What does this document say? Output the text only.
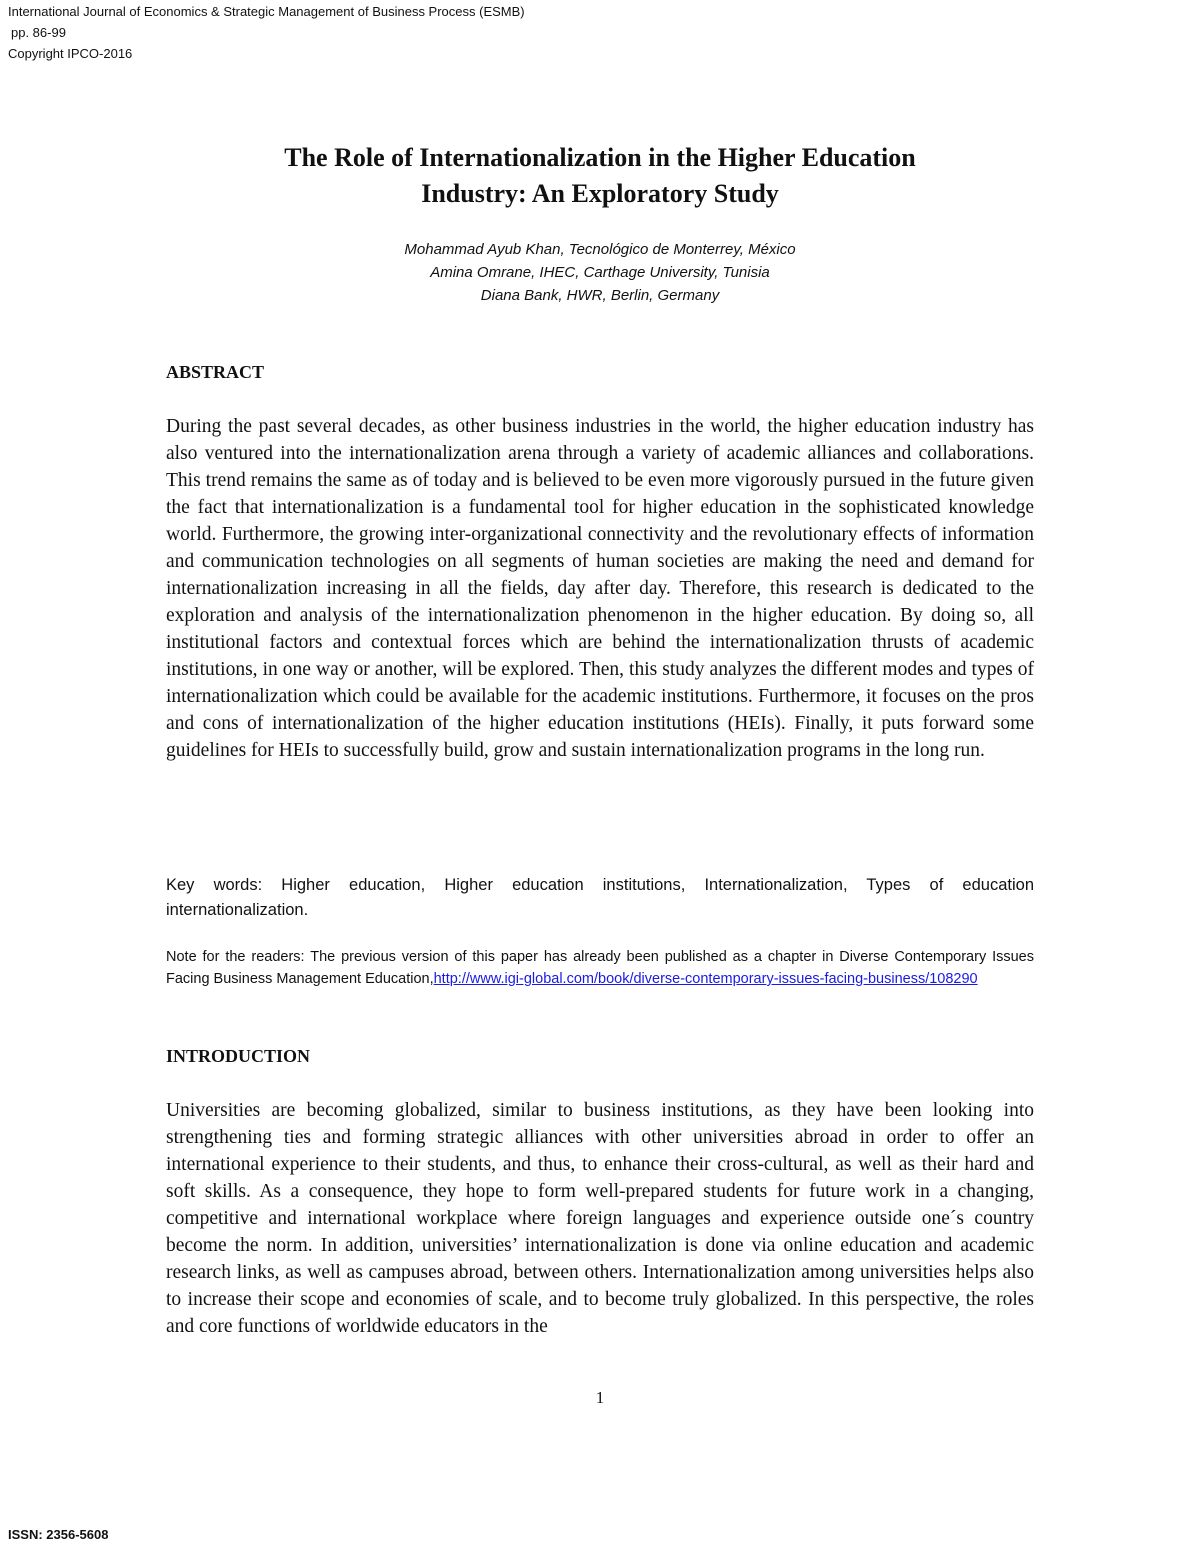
International Journal of Economics & Strategic Management of Business Process (ESMB)
pp. 86-99
Copyright IPCO-2016
The Role of Internationalization in the Higher Education
Industry: An Exploratory Study
Mohammad Ayub Khan, Tecnológico de Monterrey, México
Amina Omrane, IHEC, Carthage University, Tunisia
Diana Bank, HWR, Berlin, Germany
ABSTRACT

During the past several decades, as other business industries in the world, the higher education industry has also ventured into the internationalization arena through a variety of academic alliances and collaborations. This trend remains the same as of today and is believed to be even more vigorously pursued in the future given the fact that internationalization is a fundamental tool for higher education in the sophisticated knowledge world. Furthermore, the growing inter-organizational connectivity and the revolutionary effects of information and communication technologies on all segments of human societies are making the need and demand for internationalization increasing in all the fields, day after day. Therefore, this research is dedicated to the exploration and analysis of the internationalization phenomenon in the higher education. By doing so, all institutional factors and contextual forces which are behind the internationalization thrusts of academic institutions, in one way or another, will be explored. Then, this study analyzes the different modes and types of internationalization which could be available for the academic institutions. Furthermore, it focuses on the pros and cons of internationalization of the higher education institutions (HEIs). Finally, it puts forward some guidelines for HEIs to successfully build, grow and sustain internationalization programs in the long run.

Key words: Higher education, Higher education institutions, Internationalization, Types of education internationalization.

Note for the readers: The previous version of this paper has already been published as a chapter in Diverse Contemporary Issues Facing Business Management Education,http://www.igi-global.com/book/diverse-contemporary-issues-facing-business/108290

INTRODUCTION

Universities are becoming globalized, similar to business institutions, as they have been looking into strengthening ties and forming strategic alliances with other universities abroad in order to offer an international experience to their students, and thus, to enhance their cross-cultural, as well as their hard and soft skills. As a consequence, they hope to form well-prepared students for future work in a changing, competitive and international workplace where foreign languages and experience outside one´s country become the norm. In addition, universities’ internationalization is done via online education and academic research links, as well as campuses abroad, between others. Internationalization among universities helps also to increase their scope and economies of scale, and to become truly globalized. In this perspective, the roles and core functions of worldwide educators in the

1
ISSN: 2356-5608
